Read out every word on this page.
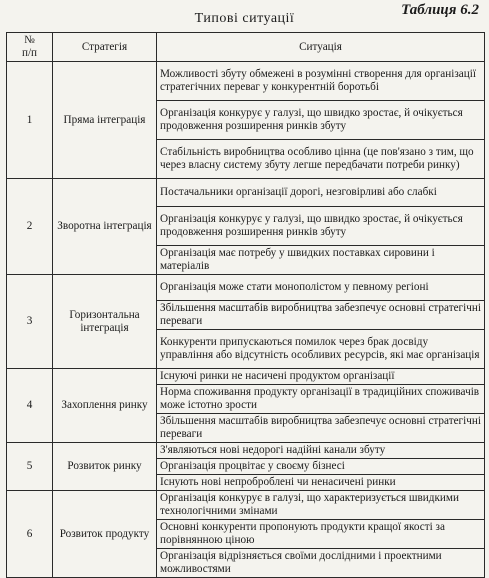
Таблиця 6.2
Типові ситуації
№
п/п	Стратегія	Ситуація
1	Пряма інтеграція	Можливості збуту обмежені в розумінні створення для організації стратегічних переваг у конкурентній боротьбі
		Організація конкурує у галузі, що швидко зростає, й очікується продовження розширення ринків збуту
		Стабільність виробництва особливо цінна (це пов'язано з тим, що через власну систему збуту легше передбачати потреби ринку)
2	Зворотна інтеграція	Постачальники організації дорогі, незговірливі або слабкі
		Організація конкурує у галузі, що швидко зростає, й очікується продовження розширення ринків збуту
		Організація має потребу у швидких поставках сировини і матеріалів
3	Горизонтальна інтеграція	Організація може стати монополістом у певному регіоні
		Збільшення масштабів виробництва забезпечує основні стратегічні переваги
		Конкуренти припускаються помилок через брак досвіду управління або відсутність особливих ресурсів, які має організація
4	Захоплення ринку	Існуючі ринки не насичені продуктом організації
		Норма споживання продукту організації в традиційних споживачів може істотно зрости
		Збільшення масштабів виробництва забезпечує основні стратегічні переваги
5	Розвиток ринку	З'являються нові недорогі надійні канали збуту
		Організація процвітає у своєму бізнесі
		Існують нові непроброблені чи ненасичені ринки
6	Розвиток продукту	Організація конкурує в галузі, що характеризується швидкими технологічними змінами
		Основні конкуренти пропонують продукти кращої якості за порівнянною ціною
		Організація відрізняється своїми дослідними і проектними можливостями
